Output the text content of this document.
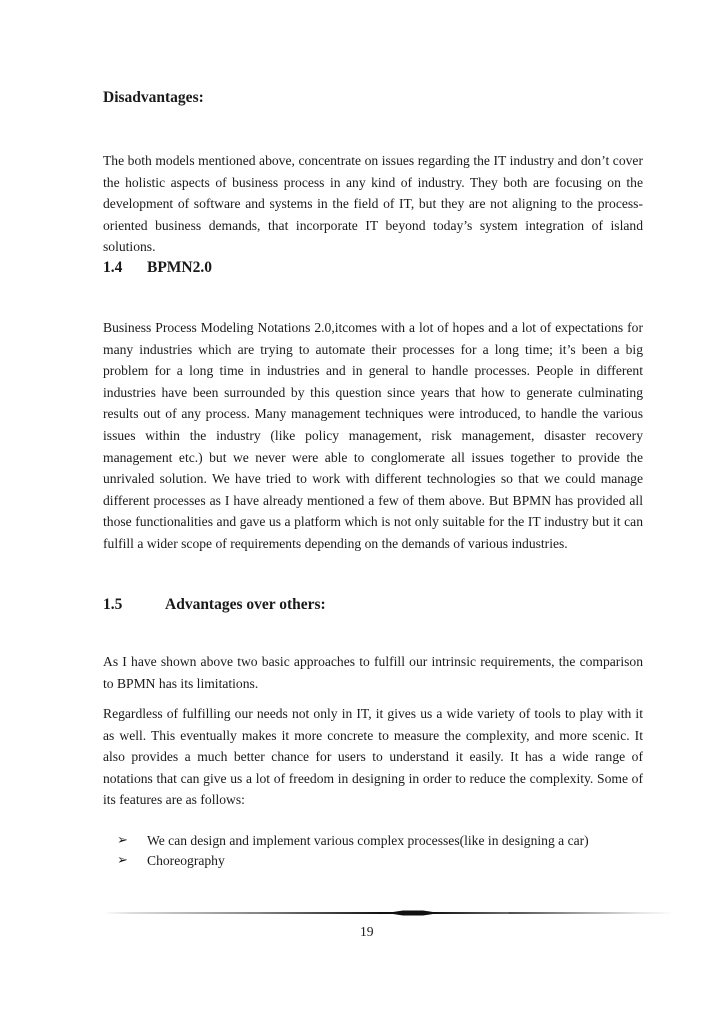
Disadvantages:

The both models mentioned above, concentrate on issues regarding the IT industry and don’t cover the holistic aspects of business process in any kind of industry. They both are focusing on the development of software and systems in the field of IT, but they are not aligning to the process-oriented business demands, that incorporate IT beyond today’s system integration of island solutions.

1.4 BPMN2.0

Business Process Modeling Notations 2.0,itcomes with a lot of hopes and a lot of expectations for many industries which are trying to automate their processes for a long time; it’s been a big problem for a long time in industries and in general to handle processes. People in different industries have been surrounded by this question since years that how to generate culminating results out of any process. Many management techniques were introduced, to handle the various issues within the industry (like policy management, risk management, disaster recovery management etc.) but we never were able to conglomerate all issues together to provide the unrivaled solution. We have tried to work with different technologies so that we could manage different processes as I have already mentioned a few of them above. But BPMN has provided all those functionalities and gave us a platform which is not only suitable for the IT industry but it can fulfill a wider scope of requirements depending on the demands of various industries.

1.5	Advantages over others:

As I have shown above two basic approaches to fulfill our intrinsic requirements, the comparison to BPMN has its limitations.

Regardless of fulfilling our needs not only in IT, it gives us a wide variety of tools to play with it as well. This eventually makes it more concrete to measure the complexity, and more scenic. It also provides a much better chance for users to understand it easily. It has a wide range of notations that can give us a lot of freedom in designing in order to reduce the complexity. Some of its features are as follows:

➢ We can design and implement various complex processes(like in designing a car)
➢ Choreography
19
